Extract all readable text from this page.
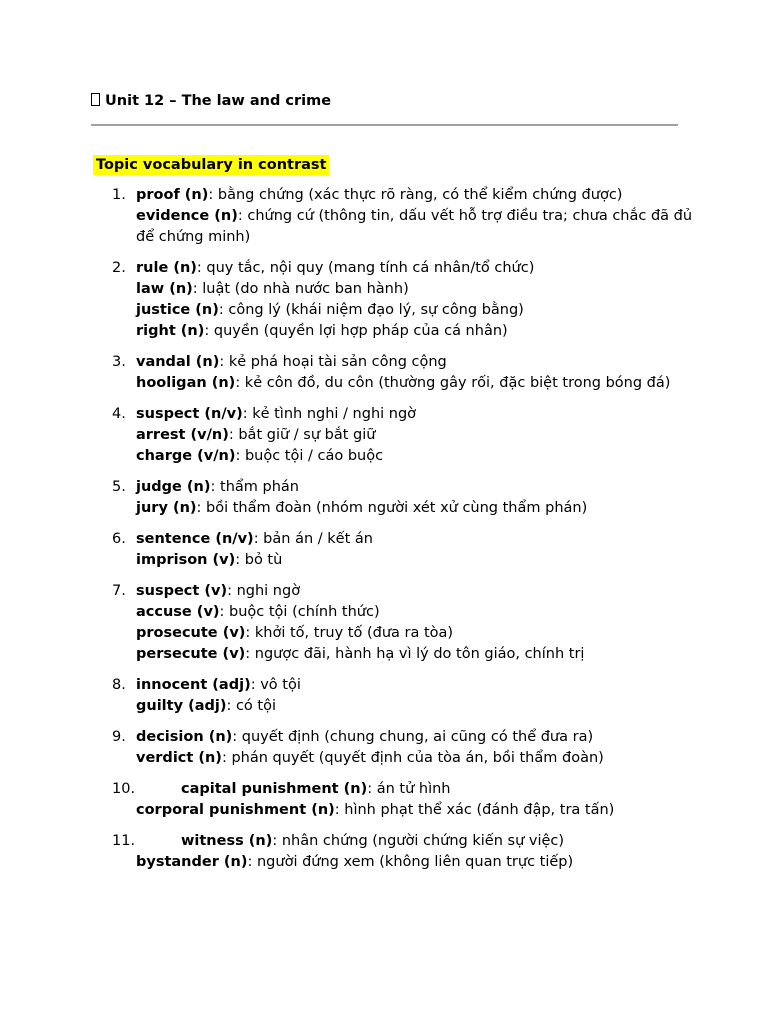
Unit 12 – The law and crime
Topic vocabulary in contrast
1. proof (n): bằng chứng (xác thực rõ ràng, có thể kiểm chứng được)
evidence (n): chứng cứ (thông tin, dấu vết hỗ trợ điều tra; chưa chắc đã đủ để chứng minh)
2. rule (n): quy tắc, nội quy (mang tính cá nhân/tổ chức)
law (n): luật (do nhà nước ban hành)
justice (n): công lý (khái niệm đạo lý, sự công bằng)
right (n): quyền (quyền lợi hợp pháp của cá nhân)
3. vandal (n): kẻ phá hoại tài sản công cộng
hooligan (n): kẻ côn đồ, du côn (thường gây rối, đặc biệt trong bóng đá)
4. suspect (n/v): kẻ tình nghi / nghi ngờ
arrest (v/n): bắt giữ / sự bắt giữ
charge (v/n): buộc tội / cáo buộc
5. judge (n): thẩm phán
jury (n): bồi thẩm đoàn (nhóm người xét xử cùng thẩm phán)
6. sentence (n/v): bản án / kết án
imprison (v): bỏ tù
7. suspect (v): nghi ngờ
accuse (v): buộc tội (chính thức)
prosecute (v): khởi tố, truy tố (đưa ra tòa)
persecute (v): ngược đãi, hành hạ vì lý do tôn giáo, chính trị
8. innocent (adj): vô tội
guilty (adj): có tội
9. decision (n): quyết định (chung chung, ai cũng có thể đưa ra)
verdict (n): phán quyết (quyết định của tòa án, bồi thẩm đoàn)
10.	capital punishment (n): án tử hình
corporal punishment (n): hình phạt thể xác (đánh đập, tra tấn)
11.	witness (n): nhân chứng (người chứng kiến sự việc)
bystander (n): người đứng xem (không liên quan trực tiếp)
